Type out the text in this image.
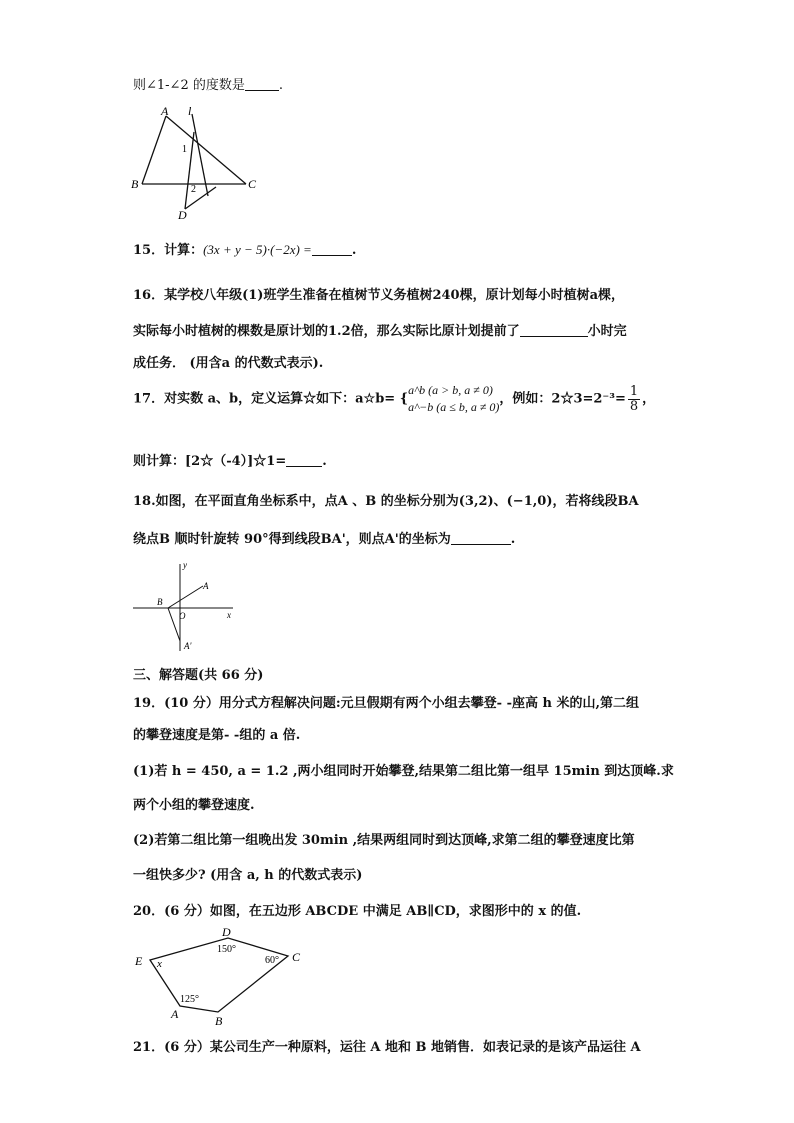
则∠1-∠2 的度数是	.
A l
1
2
B	C
D
15．计算：(3x + y − 5)·(−2x) =	.
16．某学校八年级(1)班学生准备在植树节义务植树240棵，原计划每小时植树a棵，
实际每小时植树的棵数是原计划的1.2倍，那么实际比原计划提前了	小时完
成任务． (用含a 的代数式表示).
17．对实数 a、b，定义运算☆如下：a☆b= {
a^b (a > b, a ≠ 0)
a^−b (a ≤ b, a ≠ 0)
，例如：2☆3=2⁻³= $\frac{1}{8}$ ，
则计算：[2☆（-4）]☆1=	.
18.如图，在平面直角坐标系中，点A 、B 的坐标分别为(3,2)、(−1,0)，若将线段BA
绕点B 顺时针旋转 90°得到线段BA'，则点A'的坐标为	.
y
A
B
O	x
A'
三、解答题(共 66 分)
19．(10 分）用分式方程解决问题:元旦假期有两个小组去攀登- -座高 h 米的山,第二组
的攀登速度是第- -组的 a 倍.
(1)若 h = 450, a = 1.2 ,两小组同时开始攀登,结果第二组比第一组早 15min 到达顶峰.求
两个小组的攀登速度.
(2)若第二组比第一组晚出发 30min ,结果两组同时到达顶峰,求第二组的攀登速度比第
一组快多少? (用含 a, h 的代数式表示)
20．(6 分）如图，在五边形 ABCDE 中满足 AB∥CD，求图形中的 x 的值.
D
150°
E x	60° C
125°
A	B
21．(6 分）某公司生产一种原料，运往 A 地和 B 地销售．如表记录的是该产品运往 A
